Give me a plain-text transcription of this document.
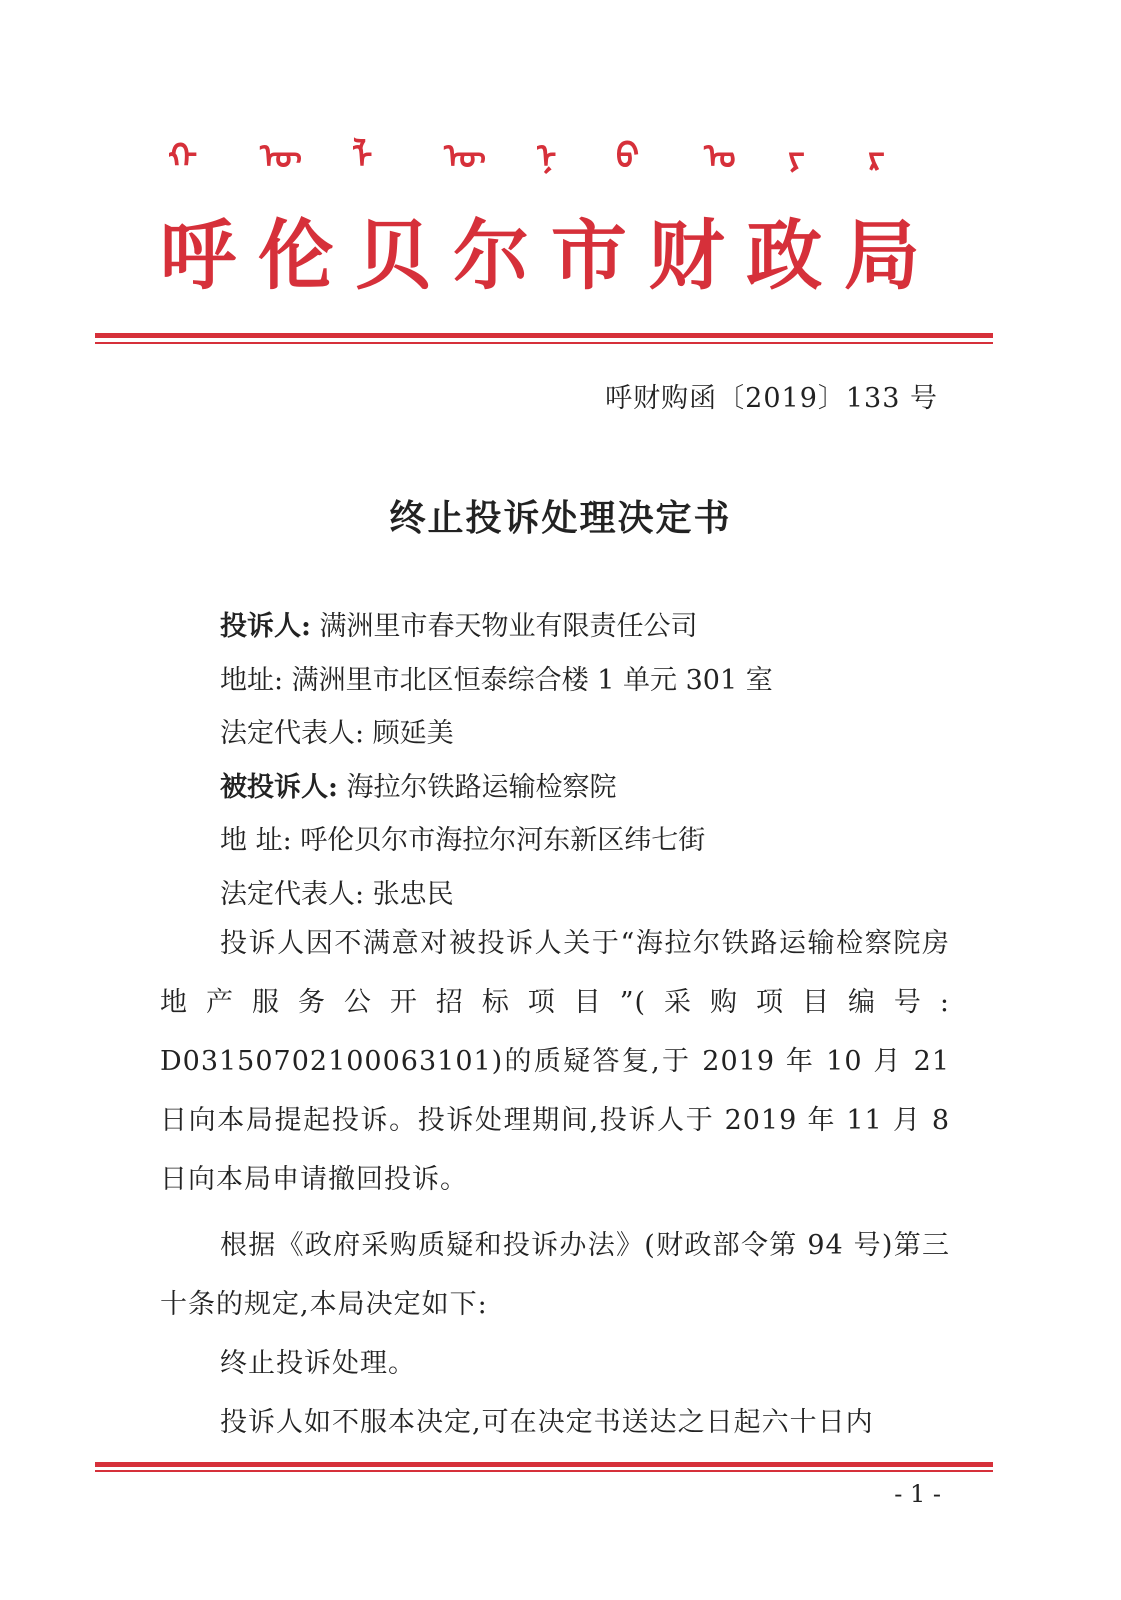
ᠬ ᠥ ᠯ ᠥ ᠨ ᠪ ᠤ ᠶ ᠷ
呼 伦 贝 尔 市 财 政 局
呼财购函〔2019〕133 号
终止投诉处理决定书
投诉人: 满洲里市春天物业有限责任公司
地址: 满洲里市北区恒泰综合楼 1 单元 301 室
法定代表人: 顾延美
被投诉人: 海拉尔铁路运输检察院
地 址: 呼伦贝尔市海拉尔河东新区纬七街
法定代表人: 张忠民
投诉人因不满意对被投诉人关于“海拉尔铁路运输检察院房地产服务公开招标项目”(采购项目编号: D03150702100063101)的质疑答复,于 2019 年 10 月 21 日向本局提起投诉。投诉处理期间,投诉人于 2019 年 11 月 8 日向本局申请撤回投诉。
根据《政府采购质疑和投诉办法》(财政部令第 94 号)第三十条的规定,本局决定如下:
终止投诉处理。
投诉人如不服本决定,可在决定书送达之日起六十日内
- 1 -
